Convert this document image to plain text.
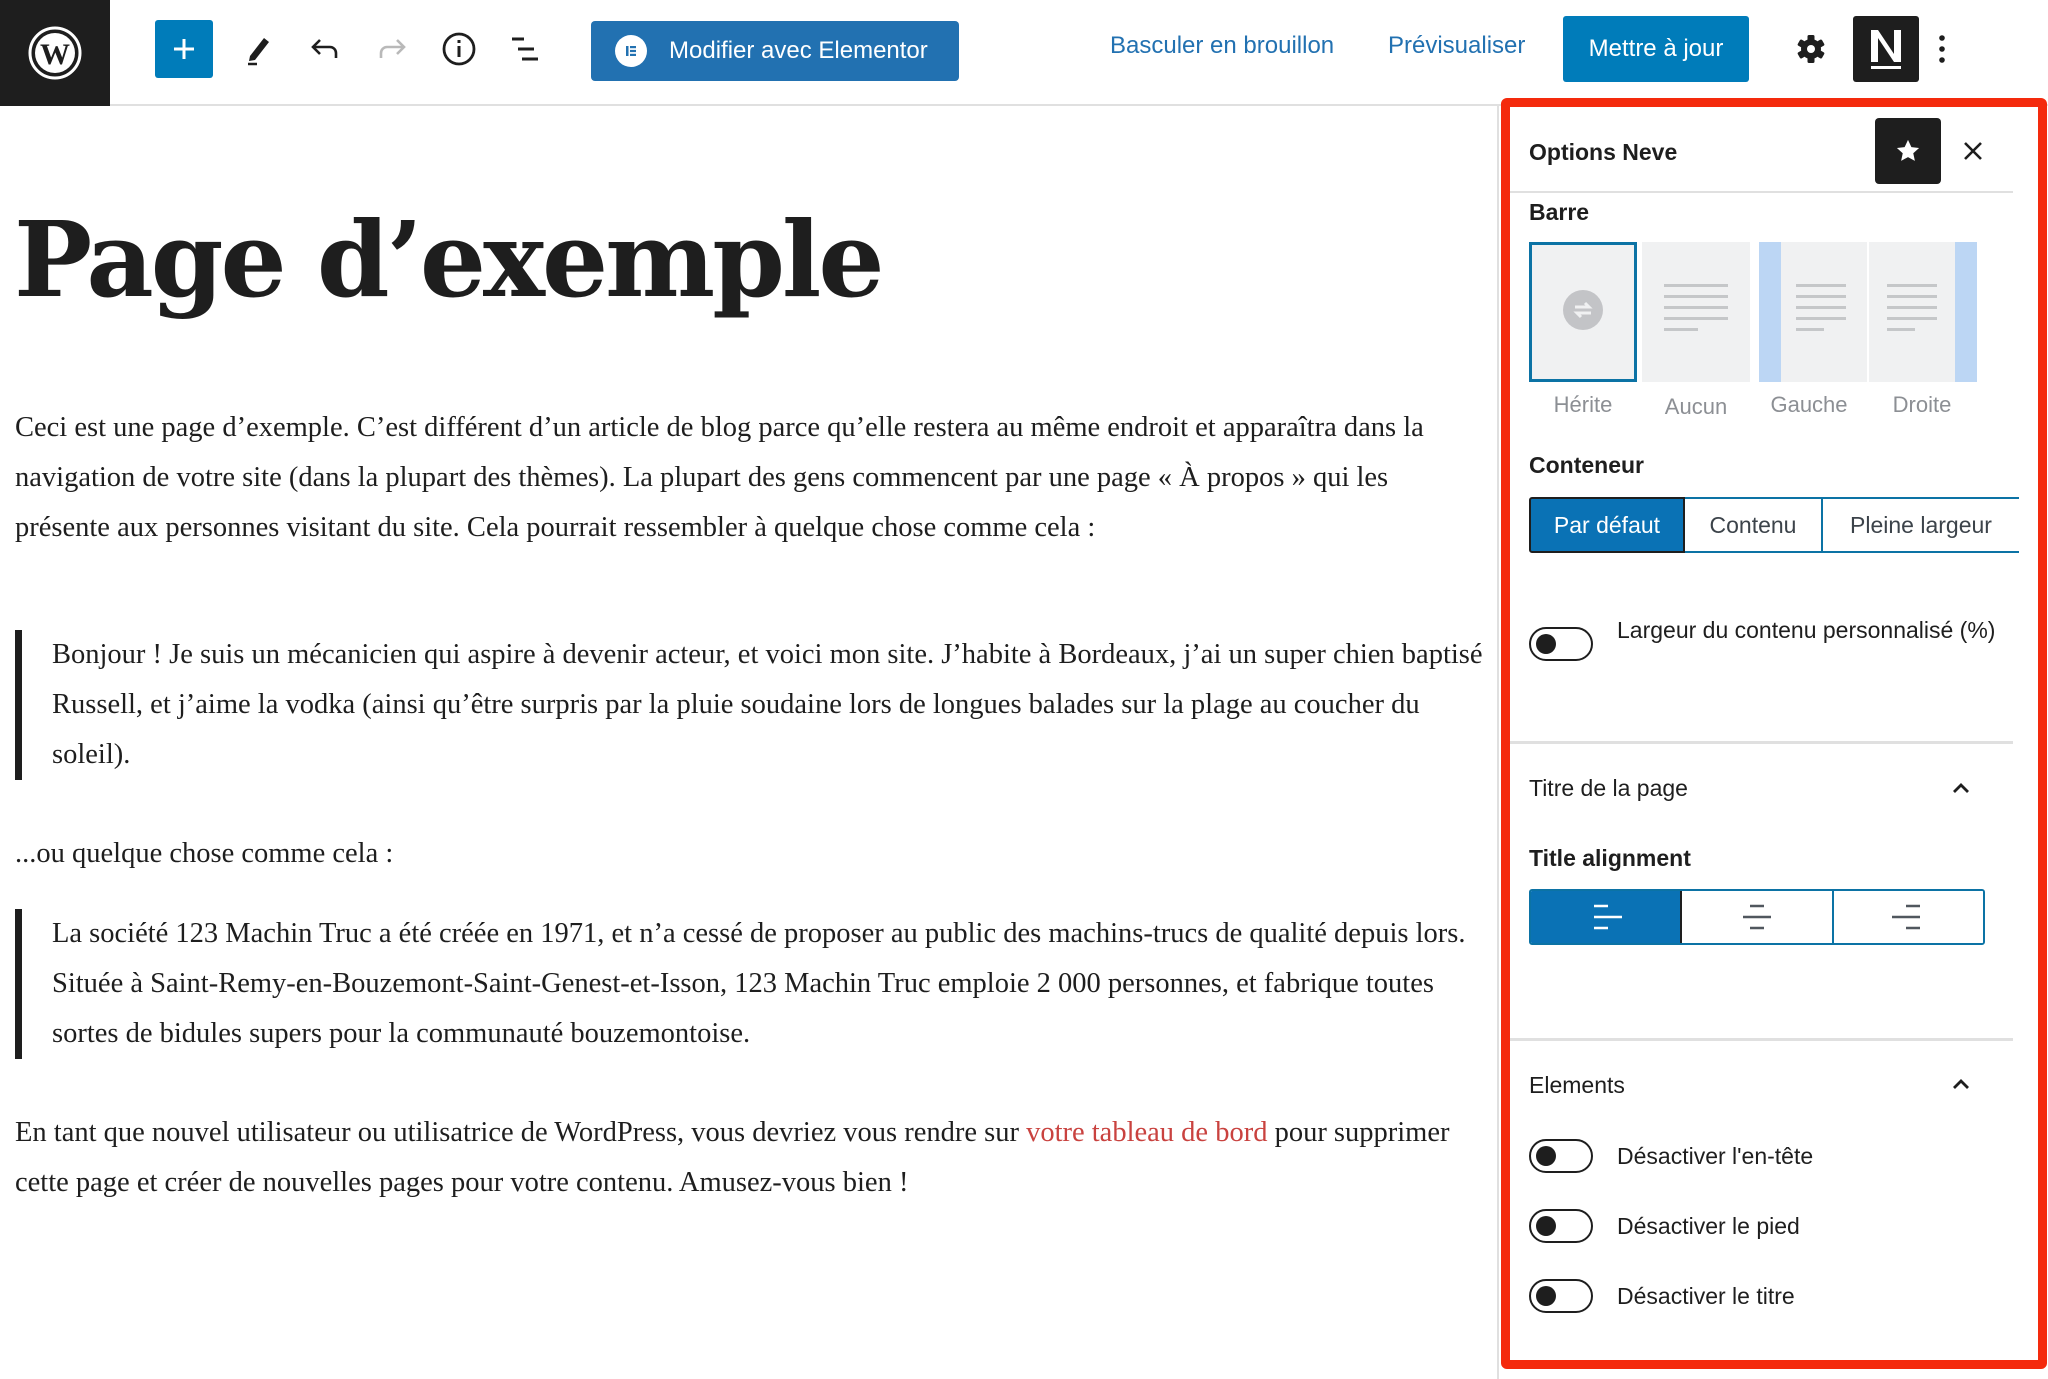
W	Modifier avec Elementor	Basculer en brouillon Prévisualiser	Mettre à jour
Page d’exemple

Ceci est une page d’exemple. C’est différent d’un article de blog parce qu’elle restera au même endroit et apparaîtra dans la navigation de votre site (dans la plupart des thèmes). La plupart des gens commencent par une page « À propos » qui les présente aux personnes visitant du site. Cela pourrait ressembler à quelque chose comme cela :

Bonjour ! Je suis un mécanicien qui aspire à devenir acteur, et voici mon site. J’habite à Bordeaux, j’ai un super chien baptisé Russell, et j’aime la vodka (ainsi qu’être surpris par la pluie soudaine lors de longues balades sur la plage au coucher du soleil).

...ou quelque chose comme cela :

La société 123 Machin Truc a été créée en 1971, et n’a cessé de proposer au public des machins-trucs de qualité depuis lors. Située à Saint-Remy-en-Bouzemont-Saint-Genest-et-Isson, 123 Machin Truc emploie 2 000 personnes, et fabrique toutes sortes de bidules supers pour la communauté bouzemontoise.

En tant que nouvel utilisateur ou utilisatrice de WordPress, vous devriez vous rendre sur votre tableau de bord pour supprimer cette page et créer de nouvelles pages pour votre contenu. Amusez-vous bien !

Options Neve
Barre
Hérite	Aucun	Gauche	Droite
Conteneur
Par défaut Contenu Pleine largeur
Largeur du contenu personnalisé (%)
Titre de la page
Title alignment
Elements
Désactiver l'en-tête
Désactiver le pied
Désactiver le titre
